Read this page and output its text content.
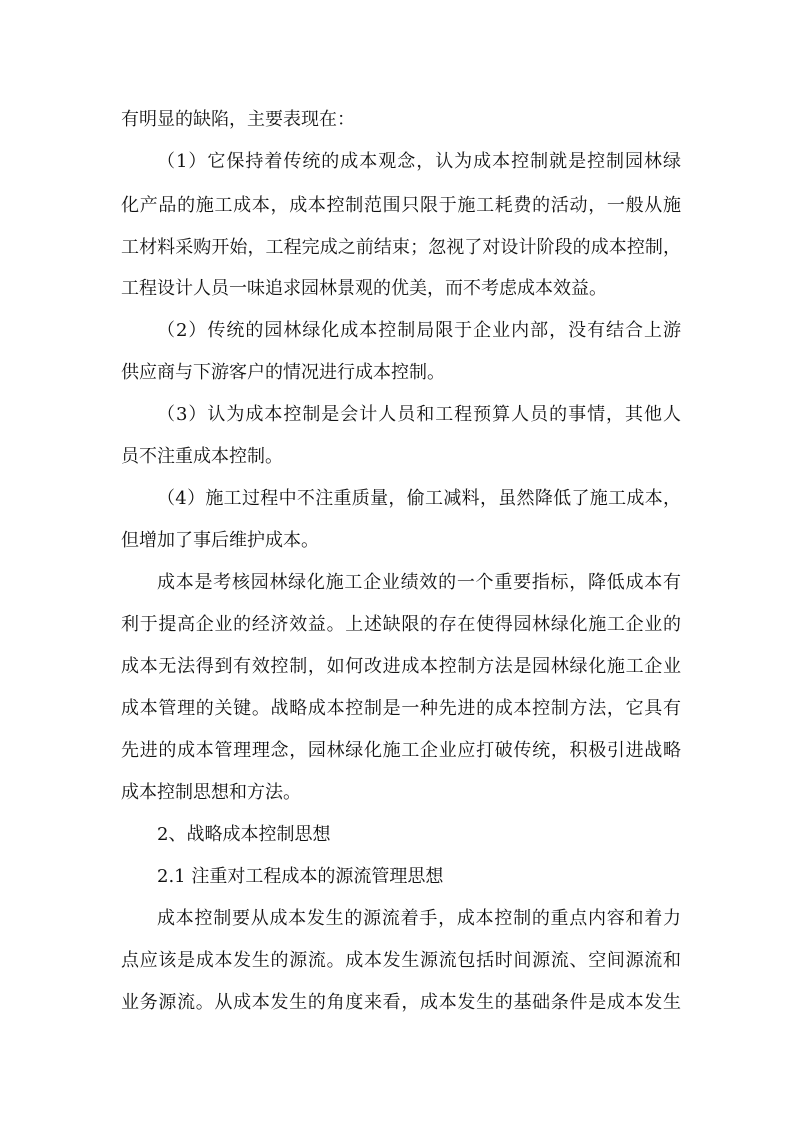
有明显的缺陷，主要表现在：
（1）它保持着传统的成本观念，认为成本控制就是控制园林绿
化产品的施工成本，成本控制范围只限于施工耗费的活动，一般从施
工材料采购开始，工程完成之前结束；忽视了对设计阶段的成本控制，
工程设计人员一味追求园林景观的优美，而不考虑成本效益。
（2）传统的园林绿化成本控制局限于企业内部，没有结合上游
供应商与下游客户的情况进行成本控制。
（3）认为成本控制是会计人员和工程预算人员的事情，其他人
员不注重成本控制。
（4）施工过程中不注重质量，偷工减料，虽然降低了施工成本，
但增加了事后维护成本。
成本是考核园林绿化施工企业绩效的一个重要指标，降低成本有
利于提高企业的经济效益。上述缺限的存在使得园林绿化施工企业的
成本无法得到有效控制，如何改进成本控制方法是园林绿化施工企业
成本管理的关键。战略成本控制是一种先进的成本控制方法，它具有
先进的成本管理理念，园林绿化施工企业应打破传统，积极引进战略
成本控制思想和方法。
2、战略成本控制思想
2.1 注重对工程成本的源流管理思想
成本控制要从成本发生的源流着手，成本控制的重点内容和着力
点应该是成本发生的源流。成本发生源流包括时间源流、空间源流和
业务源流。从成本发生的角度来看，成本发生的基础条件是成本发生
